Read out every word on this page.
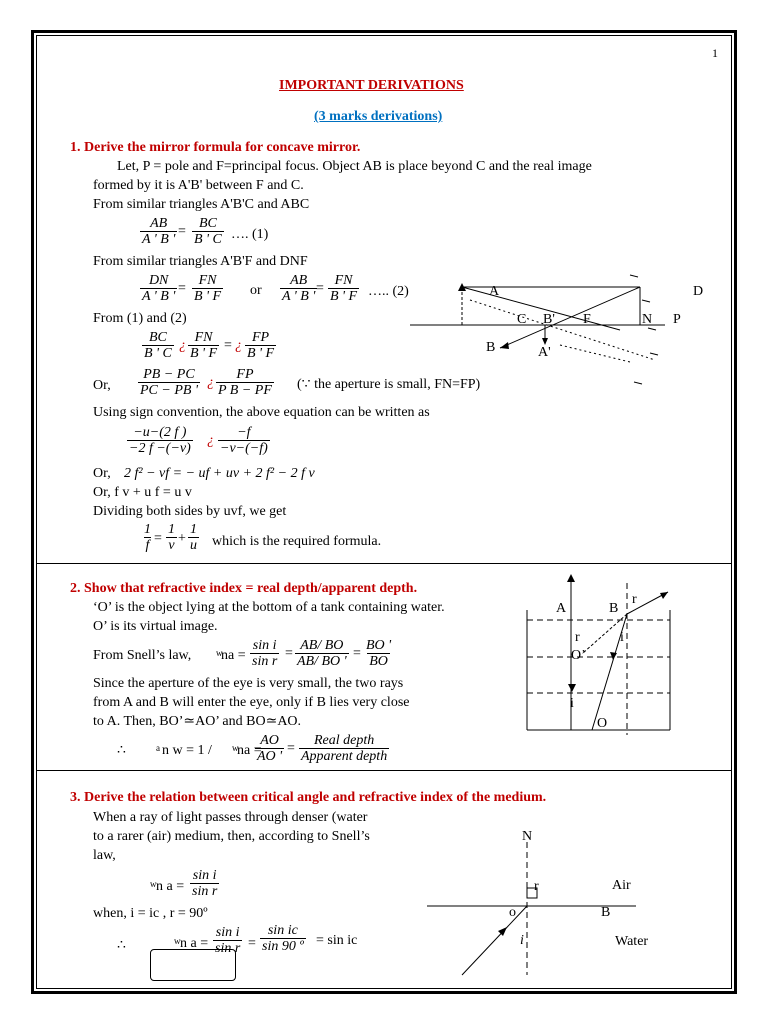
1
IMPORTANT DERIVATIONS
(3 marks derivations)
1. Derive the mirror formula for concave mirror.
Let, P = pole and F=principal focus. Object AB is place beyond C and the real image
formed by it is A'B' between F and C.
From similar triangles A'B'C and ABC
AB
A ' B '
=
BC
B ' C …. (1)
From similar triangles A'B'F and DNF
DN
A ' B '
=
FN
B ' F or
AB
A ' B '
=
FN
B ' F ….. (2)
From (1) and (2)
BC
B ' C
¿
FN
B ' F
= ¿
FP
B ' F
Or,
PB − PC
PC − PB '
¿
FP
P B − PF (∵ the aperture is small, FN=FP)
Using sign convention, the above equation can be written as
−u−(2 f )
−2 f −(−v)
¿
−f
−v−(−f)
Or, 2 f² − vf = − uf + uv + 2 f² − 2 f v
Or, f v + u f = u v
Dividing both sides by uvf, we get
1
f =
1
v +
1
u which is the required formula.
A	D
C B' F	N P
B	A'
2. Show that refractive index = real depth/apparent depth.
‘O’ is the object lying at the bottom of a tank containing water.
O’ is its virtual image.
From Snell’s law,	w
na =
sin i
sin r
=
AB/ BO
AB/ BO '
=
BO '
BO
Since the aperture of the eye is very small, the two rays
from A and B will enter the eye, only if B lies very close
to A. Then, BO’≃AO’ and BO≃AO.
∴	a n w = 1 / w
na =
AO
AO '
=
Real depth
Apparent depth
r
A	B
r	i
O’
i
O
3. Derive the relation between critical angle and refractive index of the medium.
When a ray of light passes through denser (water
to a rarer (air) medium, then, according to Snell’s
law,
w n a =
sin i
sin r
when, i = ic , r = 90º
∴	w n a =
sin i
sin r =
sin ic
sin 90 º = sin ic
N
r	Air
o	B
i	Water
